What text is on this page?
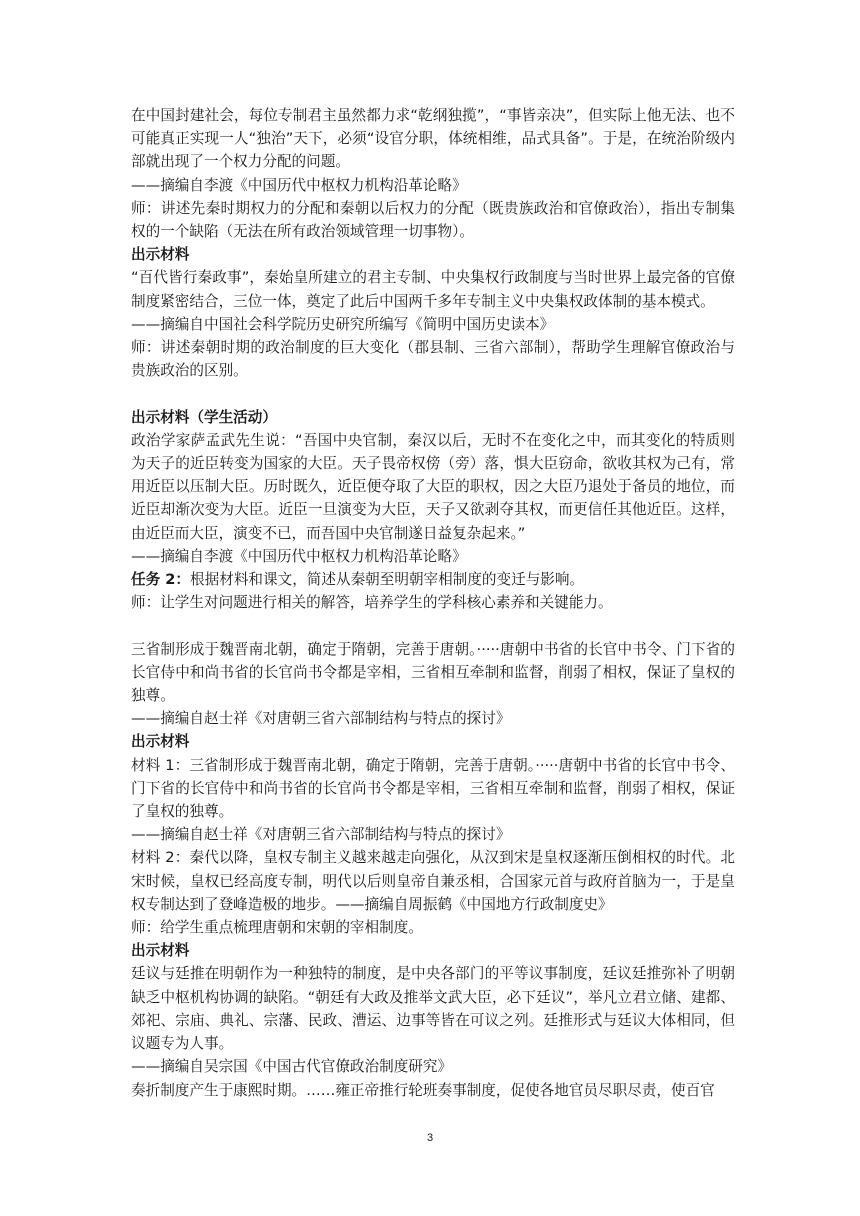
在中国封建社会，每位专制君主虽然都力求“乾纲独揽”，“事皆亲决”，但实际上他无法、也不可能真正实现一人“独治”天下，必须“设官分职，体统相维，品式具备”。于是，在统治阶级内部就出现了一个权力分配的问题。

——摘编自李渡《中国历代中枢权力机构沿革论略》

师：讲述先秦时期权力的分配和秦朝以后权力的分配（既贵族政治和官僚政治），指出专制集权的一个缺陷（无法在所有政治领域管理一切事物）。

出示材料

“百代皆行秦政事”，秦始皇所建立的君主专制、中央集权行政制度与当时世界上最完备的官僚制度紧密结合，三位一体，奠定了此后中国两千多年专制主义中央集权政体制的基本模式。

——摘编自中国社会科学院历史研究所编写《简明中国历史读本》

师：讲述秦朝时期的政治制度的巨大变化（郡县制、三省六部制），帮助学生理解官僚政治与贵族政治的区别。

出示材料（学生活动）

政治学家萨孟武先生说：“吾国中央官制，秦汉以后，无时不在变化之中，而其变化的特质则为天子的近臣转变为国家的大臣。天子畏帝权傍（旁）落，惧大臣窃命，欲收其权为己有，常用近臣以压制大臣。历时既久，近臣便夺取了大臣的职权，因之大臣乃退处于备员的地位，而近臣却渐次变为大臣。近臣一旦演变为大臣，天子又欲剥夺其权，而更信任其他近臣。这样，由近臣而大臣，演变不已，而吾国中央官制遂日益复杂起来。”

——摘编自李渡《中国历代中枢权力机构沿革论略》

任务 2：根据材料和课文，简述从秦朝至明朝宰相制度的变迁与影响。

师：让学生对问题进行相关的解答，培养学生的学科核心素养和关键能力。

三省制形成于魏晋南北朝，确定于隋朝，完善于唐朝。·····唐朝中书省的长官中书令、门下省的长官侍中和尚书省的长官尚书令都是宰相，三省相互牵制和监督，削弱了相权，保证了皇权的独尊。

——摘编自赵士祥《对唐朝三省六部制结构与特点的探讨》

出示材料

材料 1：三省制形成于魏晋南北朝，确定于隋朝，完善于唐朝。·····唐朝中书省的长官中书令、门下省的长官侍中和尚书省的长官尚书令都是宰相，三省相互牵制和监督，削弱了相权，保证了皇权的独尊。

——摘编自赵士祥《对唐朝三省六部制结构与特点的探讨》

材料 2：秦代以降，皇权专制主义越来越走向强化，从汉到宋是皇权逐渐压倒相权的时代。北宋时候，皇权已经高度专制，明代以后则皇帝自兼丞相，合国家元首与政府首脑为一，于是皇权专制达到了登峰造极的地步。——摘编自周振鹤《中国地方行政制度史》

师：给学生重点梳理唐朝和宋朝的宰相制度。

出示材料

廷议与廷推在明朝作为一种独特的制度，是中央各部门的平等议事制度，廷议廷推弥补了明朝缺乏中枢机构协调的缺陷。“朝廷有大政及推举文武大臣，必下廷议”，举凡立君立储、建都、郊祀、宗庙、典礼、宗藩、民政、漕运、边事等皆在可议之列。廷推形式与廷议大体相同，但议题专为人事。

——摘编自吴宗国《中国古代官僚政治制度研究》

奏折制度产生于康熙时期。……雍正帝推行轮班奏事制度，促使各地官员尽职尽责，使百官

3
